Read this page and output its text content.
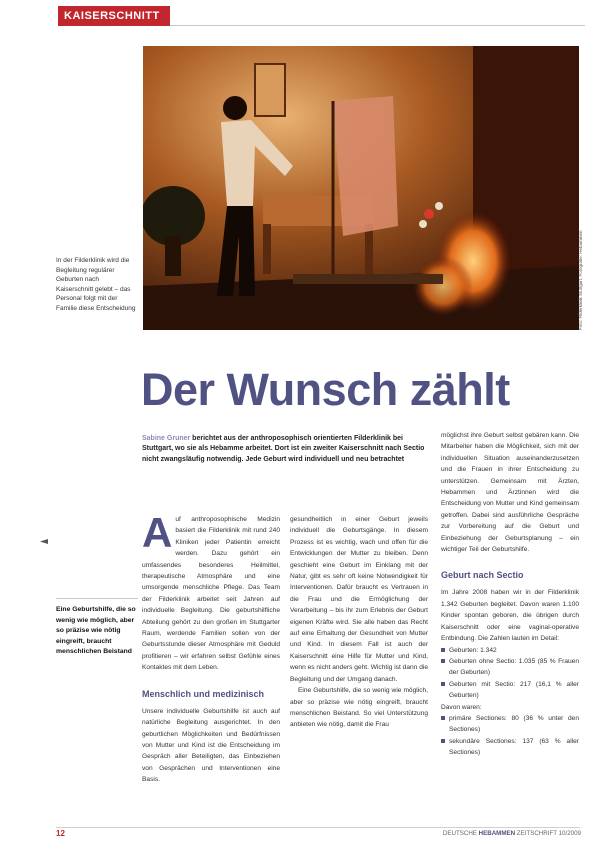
KAISERSCHNITT
Foto: Filderklinik Stuttgart, Fotografie: Hebammen
In der Filderklinik wird die Begleitung regulärer Geburten nach Kaiserschnitt gelebt – das Personal folgt mit der Familie diese Entscheidung
Der Wunsch zählt
Sabine Gruner berichtet aus der anthroposophisch orientierten Filderklinik bei Stuttgart, wo sie als Hebamme arbeitet. Dort ist ein zweiter Kaiserschnitt nach Sectio nicht zwangsläufig notwendig. Jede Geburt wird individuell und neu betrachtet
Eine Geburtshilfe, die so wenig wie möglich, aber so präzise wie nötig eingreift, braucht menschlichen Beistand
A uf anthroposophische Medizin basiert die Filderklinik mit rund 240 Kliniken jeder Patientin erreicht werden. Dazu gehört ein umfassendes besonderes Heilmittel, therapeutische Atmosphäre und eine umsorgende menschliche Pflege. Das Team der Filderklinik arbeitet seit Jahren auf individuelle Begleitung. Die geburtshilfliche Abteilung gehört zu den großen im Stuttgarter Raum, werdende Familien sollen von der Geburtsstunde dieser Atmosphäre mit Geduld profitieren – wir erfahren selbst Gefühle eines Kontaktes mit dem Leben.
Menschlich und medizinisch
Unsere individuelle Geburtshilfe ist auch auf natürliche Begleitung ausgerichtet. In den geburtlichen Möglichkeiten und Bedürfnissen von Mutter und Kind ist die Entscheidung im Gespräch aller Beteiligten, das Einbeziehen von Gesprächen und Interventionen eine Basis.
gesundheitlich in einer Geburt jeweils individuell die Geburtsgänge. In diesem Prozess ist es wichtig, wach und offen für die Entwicklungen der Mutter zu bleiben. Denn geschieht eine Geburt im Einklang mit der Natur, gibt es sehr oft keine Notwendigkeit für Interventionen. Dafür braucht es Vertrauen in die Frau und die Ermöglichung der Verarbeitung – bis ihr zum Erlebnis der Geburt eigenen Kräfte wird. Sie alle haben das Recht auf eine Erhaltung der Gesundheit von Mutter und Kind. In diesem Fall ist auch der Kaiserschnitt eine Hilfe für Mutter und Kind, wenn es nicht anders geht. Wichtig ist dann die Begleitung und der Umgang danach.
Eine Geburtshilfe, die so wenig wie möglich, aber so präzise wie nötig eingreift, braucht menschlichen Beistand. So viel Unterstützung anbieten wie nötig, damit die Frau
möglichst ihre Geburt selbst gebären kann. Die Mitarbeiter haben die Möglichkeit, sich mit der individuellen Situation auseinanderzusetzen und die Frauen in ihrer Entscheidung zu unterstützen. Gemeinsam mit Ärzten, Hebammen und Ärztinnen wird die Entscheidung von Mutter und Kind gemeinsam getroffen. Dabei sind ausführliche Gespräche zur Vorbereitung auf die Geburt und Einbeziehung der Geburtsplanung – ein wichtiger Teil der Geburtshilfe.
Geburt nach Sectio
Im Jahre 2008 haben wir in der Filderklinik 1.342 Geburten begleitet. Davon waren 1.100 Kinder spontan geboren, die übrigen durch Kaiserschnitt oder eine vaginal-operative Entbindung. Die Zahlen lauten im Detail:
Geburten: 1.342
Geburten ohne Sectio: 1.035 (85 % Frauen der Geburten)
Geburten mit Sectio: 217 (16,1 % aller Geburten)
Davon waren:
primäre Sectiones: 80 (36 % unter den Sectiones)
sekundäre Sectiones: 137 (63 % aller Sectiones)
12	DEUTSCHE HEBAMMEN ZEITSCHRIFT 10/2009
